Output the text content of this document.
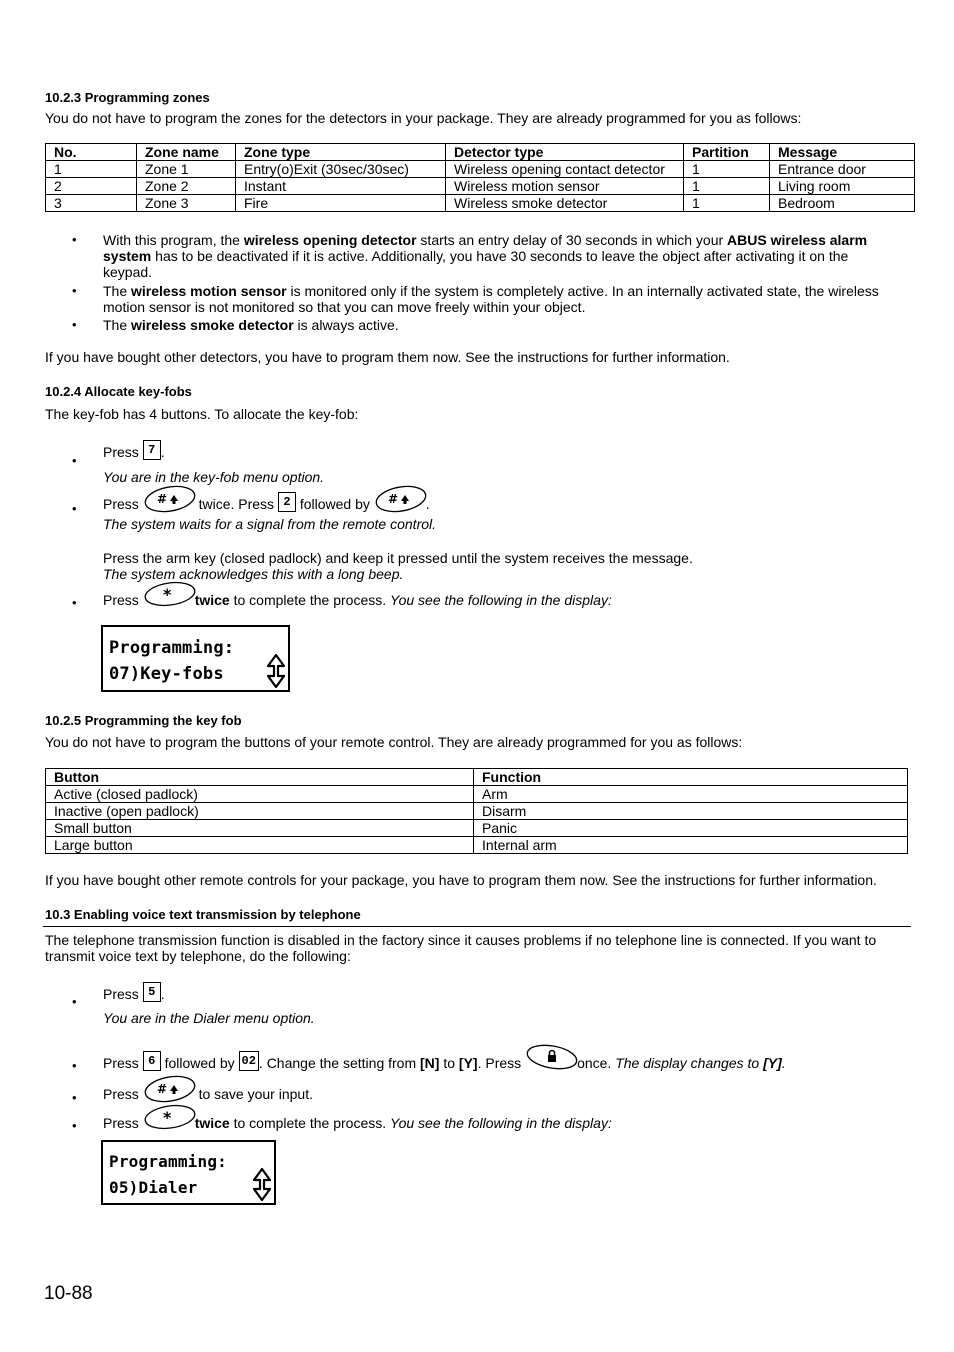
10.2.3 Programming zones
You do not have to program the zones for the detectors in your package. They are already programmed for you as follows:
No.	Zone name	Zone type	Detector type	Partition	Message
1	Zone 1	Entry(o)Exit (30sec/30sec)	Wireless opening contact detector	1	Entrance door
2	Zone 2	Instant	Wireless motion sensor	1	Living room
3	Zone 3	Fire	Wireless smoke detector	1	Bedroom
• With this program, the wireless opening detector starts an entry delay of 30 seconds in which your ABUS wireless alarm
system has to be deactivated if it is active. Additionally, you have 30 seconds to leave the object after activating it on the
keypad.
• The wireless motion sensor is monitored only if the system is completely active. In an internally activated state, the wireless
motion sensor is not monitored so that you can move freely within your object.
• The wireless smoke detector is always active.
If you have bought other detectors, you have to program them now. See the instructions for further information.
10.2.4 Allocate key-fobs
The key-fob has 4 buttons. To allocate the key-fob:
•
Press 7 .
You are in the key-fob menu option.
• Press # twice. Press 2 followed by # .
The system waits for a signal from the remote control.
Press the arm key (closed padlock) and keep it pressed until the system receives the message.
The system acknowledges this with a long beep.
• Press * twice to complete the process. You see the following in the display:
Programming:
07)Key-fobs
10.2.5 Programming the key fob
You do not have to program the buttons of your remote control. They are already programmed for you as follows:
Button	Function
Active (closed padlock)	Arm
Inactive (open padlock)	Disarm
Small button	Panic
Large button	Internal arm
If you have bought other remote controls for your package, you have to program them now. See the instructions for further information.
10.3 Enabling voice text transmission by telephone
The telephone transmission function is disabled in the factory since it causes problems if no telephone line is connected. If you want to
transmit voice text by telephone, do the following:
• Press 5 .
You are in the Dialer menu option.
• Press 6 followed by 02 . Change the setting from [N] to [Y]. Press	once. The display changes to [Y].
• Press # to save your input.
• Press * twice to complete the process. You see the following in the display:
Programming:
05)Dialer
10-88
